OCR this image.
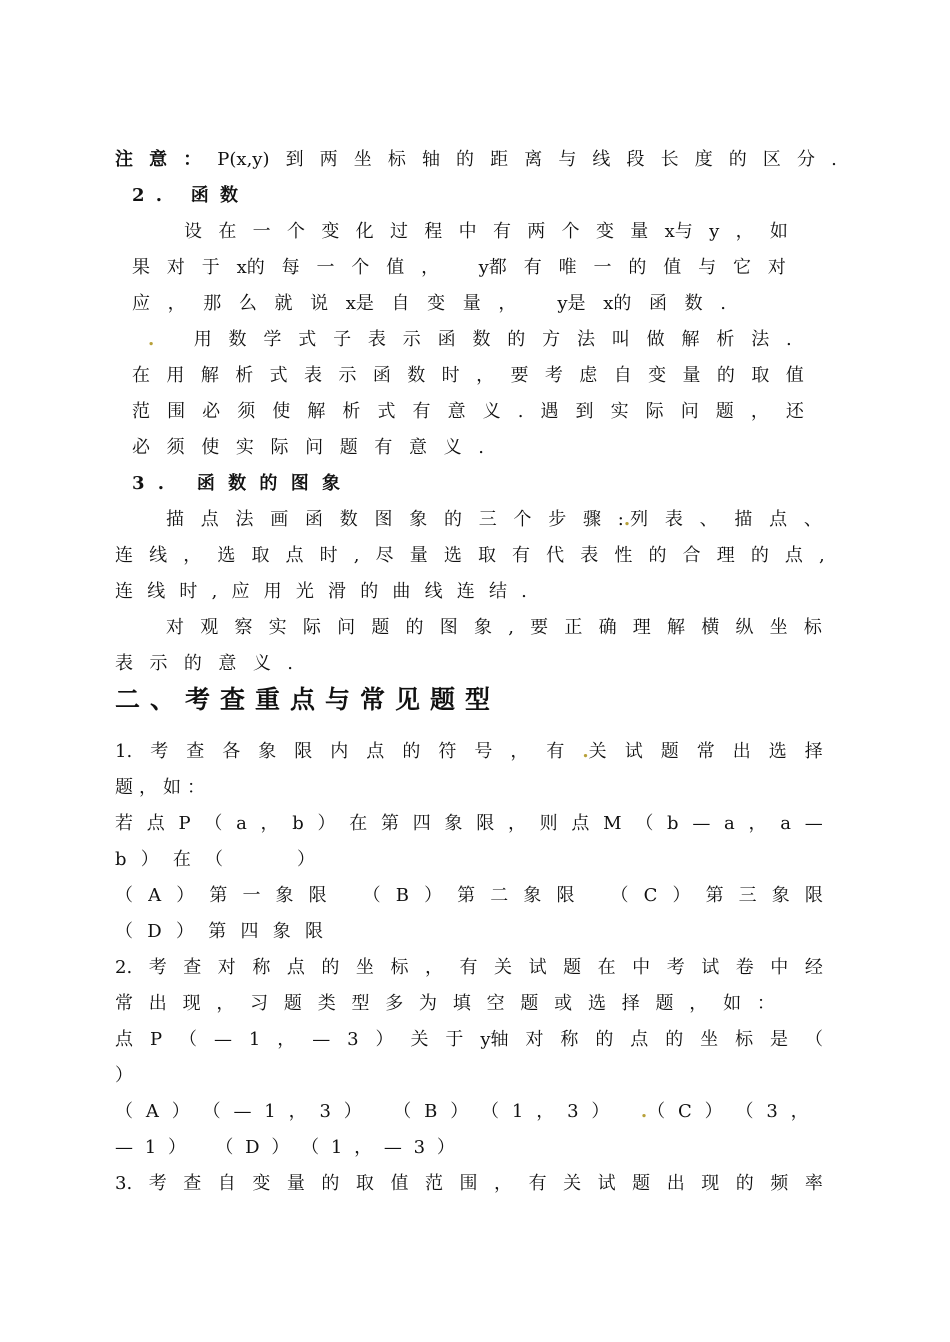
注 意 ： P(x,y) 到 两 坐 标 轴 的 距 离 与 线 段 长 度 的 区 分 .
2 .
函 数
设 在 一 个 变 化 过 程 中 有 两 个 变 量 x与 y ， 如
果 对 于 x的 每 一 个 值 ，
y都 有 唯 一 的 值 与 它 对
应 ， 那 么 就 说 x是 自 变 量 ，
y是 x的 函 数 .
.
用 数 学 式 子 表 示 函 数 的 方 法 叫 做 解 析 法 .
在 用 解 析 式 表 示 函 数 时 ， 要 考 虑 自 变 量 的 取 值
范 围 必 须 使 解 析 式 有 意 义 . 遇 到 实 际 问 题 ， 还
必 须 使 实 际 问 题 有 意 义 .
3 .
函 数 的 图 象
描 点 法 画 函 数 图 象 的 三 个 步 骤 :.列 表 、 描 点 、
连 线 ， 选 取 点 时 , 尽 量 选 取 有 代 表 性 的 合 理 的 点 ,
连 线 时 , 应 用 光 滑 的 曲 线 连 结 .
对 观 察 实 际 问 题 的 图 象 , 要 正 确 理 解 横 纵 坐 标
表 示 的 意 义 .
二、考查重点与常见题型
1. 考 查 各 象 限 内 点 的 符 号 ， 有 .关 试 题 常 出 选 择
题 ， 如 ：
若 点 P （ a ， b ） 在 第 四 象 限 ， 则 点 M （ b — a ， a —
b ） 在 （

	）
（ A ） 第 一 象 限
（ B ） 第 二 象 限
（ C ） 第 三 象 限
（ D ） 第 四 象 限
2. 考 查 对 称 点 的 坐 标 ， 有 关 试 题 在 中 考 试 卷 中 经
常 出 现 ， 习 题 类 型 多 为 填 空 题 或 选 择 题 ， 如 ：
点 P （ — 1 ， — 3 ） 关 于 y轴 对 称 的 点 的 坐 标 是 （
）
（ A ） （ — 1 ， 3 ）
（ B ） （ 1 ， 3 ）
.（ C ） （ 3 ，
— 1 ）
（ D ） （ 1 ， — 3 ）
3. 考 查 自 变 量 的 取 值 范 围 ， 有 关 试 题 出 现 的 频 率
